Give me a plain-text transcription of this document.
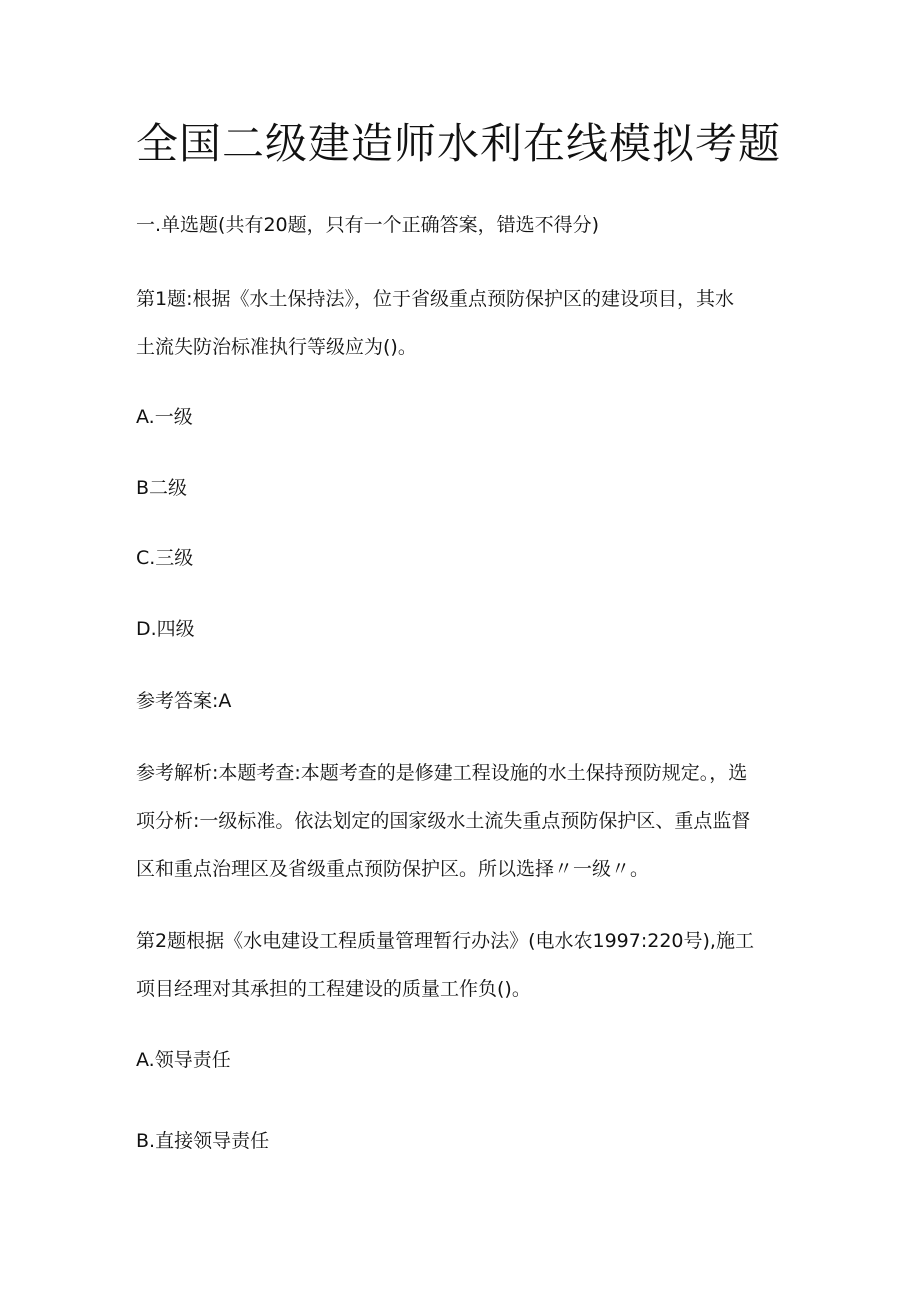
全国二级建造师水利在线模拟考题

一.单选题(共有20题，只有一个正确答案，错选不得分)

第1题:根据《水土保持法》，位于省级重点预防保护区的建设项目，其水

土流失防治标准执行等级应为()。

A.一级

B二级

C.三级

D.四级

参考答案:A

参考解析:本题考查:本题考查的是修建工程设施的水土保持预防规定。，选

项分析:一级标准。依法划定的国家级水土流失重点预防保护区、重点监督

区和重点治理区及省级重点预防保护区。所以选择〃一级〃。

第2题根据《水电建设工程质量管理暂行办法》(电水农1997:220号),施工

项目经理对其承担的工程建设的质量工作负()。

A.领导责任

B.直接领导责任
